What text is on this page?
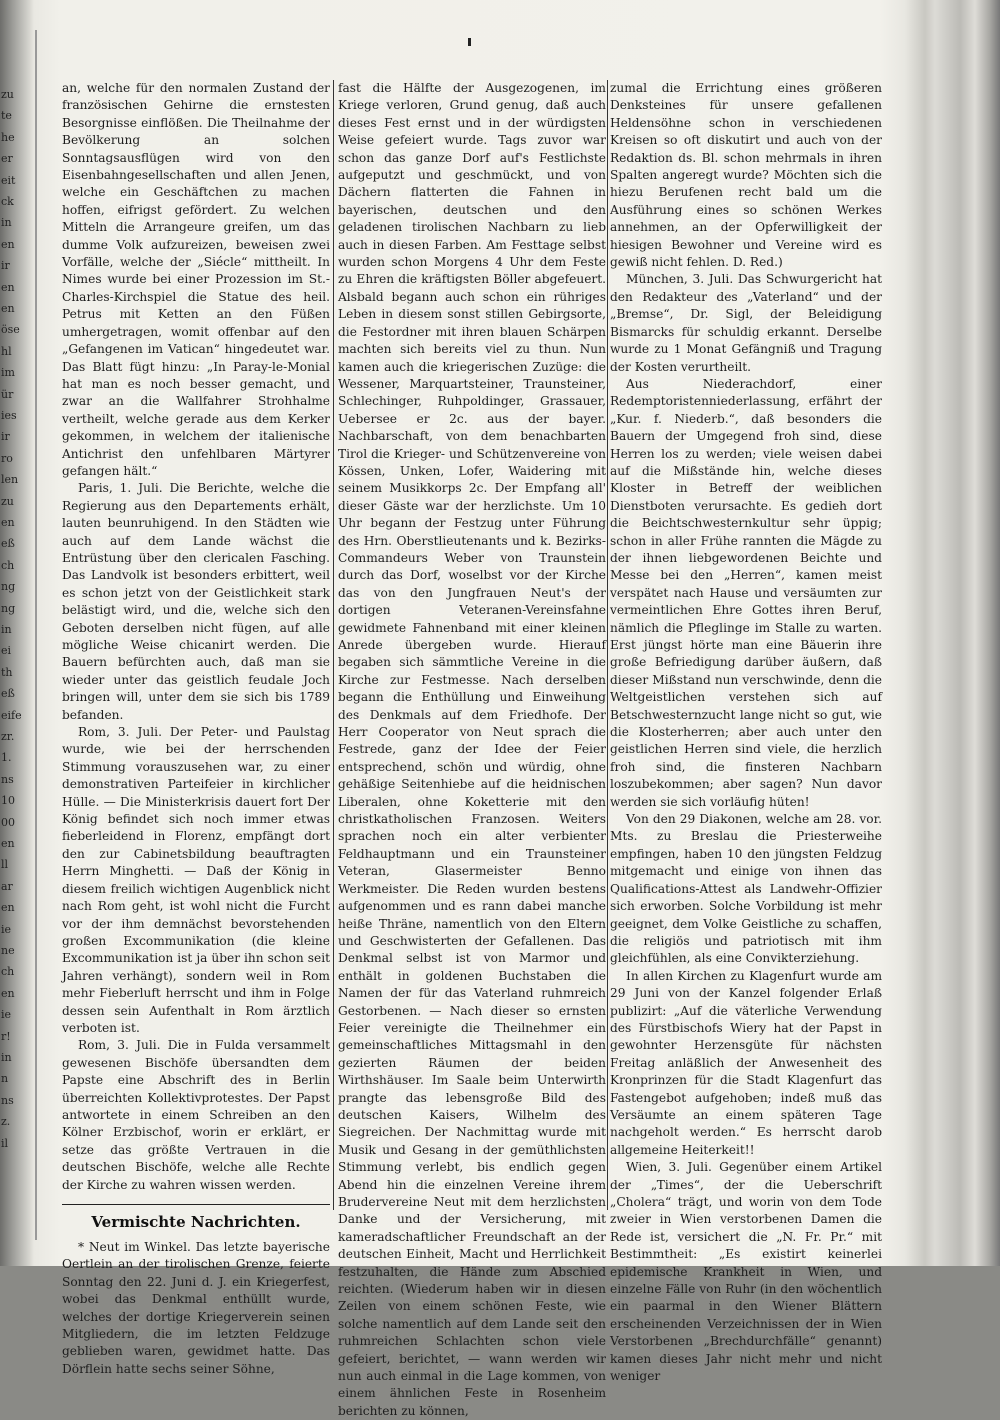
zu
te
he
er
eit
ck
in
en
ir
en
en
öse
hl
im
ür
ies
ir
ro
len
zu
en
eß
ch
ng
ng
in
ei
th
eß
eife
zr.
1.
ns
10
00
en
ll
ar
en
ie
ne
ch
en
ie
r!
in
n
ns
z.
il

an, welche für den normalen Zustand der französischen Gehirne die ernstesten Besorgnisse einflößen. Die Theilnahme der Bevölkerung an solchen Sonntagsausflügen wird von den Eisenbahngesellschaften und allen Jenen, welche ein Geschäftchen zu machen hoffen, eifrigst gefördert. Zu welchen Mitteln die Arrangeure greifen, um das dumme Volk aufzureizen, beweisen zwei Vorfälle, welche der „Siécle“ mittheilt. In Nimes wurde bei einer Prozession im St.-Charles-Kirchspiel die Statue des heil. Petrus mit Ketten an den Füßen umhergetragen, womit offenbar auf den „Gefangenen im Vatican“ hingedeutet war. Das Blatt fügt hinzu: „In Paray-le-Monial hat man es noch besser gemacht, und zwar an die Wallfahrer Strohhalme vertheilt, welche gerade aus dem Kerker gekommen, in welchem der italienische Antichrist den unfehlbaren Märtyrer gefangen hält.“

Paris, 1. Juli. Die Berichte, welche die Regierung aus den Departements erhält, lauten beunruhigend. In den Städten wie auch auf dem Lande wächst die Entrüstung über den clericalen Fasching. Das Landvolk ist besonders erbittert, weil es schon jetzt von der Geistlichkeit stark belästigt wird, und die, welche sich den Geboten derselben nicht fügen, auf alle mögliche Weise chicanirt werden. Die Bauern befürchten auch, daß man sie wieder unter das geistlich feudale Joch bringen will, unter dem sie sich bis 1789 befanden.

Rom, 3. Juli. Der Peter- und Paulstag wurde, wie bei der herrschenden Stimmung vorauszusehen war, zu einer demonstrativen Parteifeier in kirchlicher Hülle. — Die Ministerkrisis dauert fort Der König befindet sich noch immer etwas fieberleidend in Florenz, empfängt dort den zur Cabinetsbildung beauftragten Herrn Minghetti. — Daß der König in diesem freilich wichtigen Augenblick nicht nach Rom geht, ist wohl nicht die Furcht vor der ihm demnächst bevorstehenden großen Excommunikation (die kleine Excommunikation ist ja über ihn schon seit Jahren verhängt), sondern weil in Rom mehr Fieberluft herrscht und ihm in Folge dessen sein Aufenthalt in Rom ärztlich verboten ist.

Rom, 3. Juli. Die in Fulda versammelt gewesenen Bischöfe übersandten dem Papste eine Abschrift des in Berlin überreichten Kollektivprotestes. Der Papst antwortete in einem Schreiben an den Kölner Erzbischof, worin er erklärt, er setze das größte Vertrauen in die deutschen Bischöfe, welche alle Rechte der Kirche zu wahren wissen werden.

Vermischte Nachrichten.

* Neut im Winkel. Das letzte bayerische Oertlein an der tirolischen Grenze, feierte Sonntag den 22. Juni d. J. ein Kriegerfest, wobei das Denkmal enthüllt wurde, welches der dortige Kriegerverein seinen Mitgliedern, die im letzten Feldzuge geblieben waren, gewidmet hatte. Das Dörflein hatte sechs seiner Söhne,

fast die Hälfte der Ausgezogenen, im Kriege verloren, Grund genug, daß auch dieses Fest ernst und in der würdigsten Weise gefeiert wurde. Tags zuvor war schon das ganze Dorf auf's Festlichste aufgeputzt und geschmückt, und von Dächern flatterten die Fahnen in bayerischen, deutschen und den geladenen tirolischen Nachbarn zu lieb auch in diesen Farben. Am Festtage selbst wurden schon Morgens 4 Uhr dem Feste zu Ehren die kräftigsten Böller abgefeuert. Alsbald begann auch schon ein rühriges Leben in diesem sonst stillen Gebirgsorte, die Festordner mit ihren blauen Schärpen machten sich bereits viel zu thun. Nun kamen auch die kriegerischen Zuzüge: die Wessener, Marquartsteiner, Traunsteiner, Schlechinger, Ruhpoldinger, Grassauer, Uebersee er 2c. aus der bayer. Nachbarschaft, von dem benachbarten Tirol die Krieger- und Schützenvereine von Kössen, Unken, Lofer, Waidering mit seinem Musikkorps 2c. Der Empfang all' dieser Gäste war der herzlichste. Um 10 Uhr begann der Festzug unter Führung des Hrn. Oberstlieutenants und k. Bezirks-Commandeurs Weber von Traunstein durch das Dorf, woselbst vor der Kirche das von den Jungfrauen Neut's der dortigen Veteranen-Vereinsfahne gewidmete Fahnenband mit einer kleinen Anrede übergeben wurde. Hierauf begaben sich sämmtliche Vereine in die Kirche zur Festmesse. Nach derselben begann die Enthüllung und Einweihung des Denkmals auf dem Friedhofe. Der Herr Cooperator von Neut sprach die Festrede, ganz der Idee der Feier entsprechend, schön und würdig, ohne gehäßige Seitenhiebe auf die heidnischen Liberalen, ohne Koketterie mit den christkatholischen Franzosen. Weiters sprachen noch ein alter verbienter Feldhauptmann und ein Traunsteiner Veteran, Glasermeister Benno Werkmeister. Die Reden wurden bestens aufgenommen und es rann dabei manche heiße Thräne, namentlich von den Eltern und Geschwisterten der Gefallenen. Das Denkmal selbst ist von Marmor und enthält in goldenen Buchstaben die Namen der für das Vaterland ruhmreich Gestorbenen. — Nach dieser so ernsten Feier vereinigte die Theilnehmer ein gemeinschaftliches Mittagsmahl in den gezierten Räumen der beiden Wirthshäuser. Im Saale beim Unterwirth prangte das lebensgroße Bild des deutschen Kaisers, Wilhelm des Siegreichen. Der Nachmittag wurde mit Musik und Gesang in der gemüthlichsten Stimmung verlebt, bis endlich gegen Abend hin die einzelnen Vereine ihrem Brudervereine Neut mit dem herzlichsten Danke und der Versicherung, mit kameradschaftlicher Freundschaft an der deutschen Einheit, Macht und Herrlichkeit festzuhalten, die Hände zum Abschied reichten. (Wiederum haben wir in diesen Zeilen von einem schönen Feste, wie solche namentlich auf dem Lande seit den ruhmreichen Schlachten schon viele gefeiert, berichtet, — wann werden wir nun auch einmal in die Lage kommen, von einem ähnlichen Feste in Rosenheim berichten zu können,

zumal die Errichtung eines größeren Denksteines für unsere gefallenen Heldensöhne schon in verschiedenen Kreisen so oft diskutirt und auch von der Redaktion ds. Bl. schon mehrmals in ihren Spalten angeregt wurde? Möchten sich die hiezu Berufenen recht bald um die Ausführung eines so schönen Werkes annehmen, an der Opferwilligkeit der hiesigen Bewohner und Vereine wird es gewiß nicht fehlen. D. Red.)

München, 3. Juli. Das Schwurgericht hat den Redakteur des „Vaterland“ und der „Bremse“, Dr. Sigl, der Beleidigung Bismarcks für schuldig erkannt. Derselbe wurde zu 1 Monat Gefängniß und Tragung der Kosten verurtheilt.

Aus Niederachdorf, einer Redemptoristenniederlassung, erfährt der „Kur. f. Niederb.“, daß besonders die Bauern der Umgegend froh sind, diese Herren los zu werden; viele weisen dabei auf die Mißstände hin, welche dieses Kloster in Betreff der weiblichen Dienstboten verursachte. Es gedieh dort die Beichtschwesternkultur sehr üppig; schon in aller Frühe rannten die Mägde zu der ihnen liebgewordenen Beichte und Messe bei den „Herren“, kamen meist verspätet nach Hause und versäumten zur vermeintlichen Ehre Gottes ihren Beruf, nämlich die Pfleglinge im Stalle zu warten. Erst jüngst hörte man eine Bäuerin ihre große Befriedigung darüber äußern, daß dieser Mißstand nun verschwinde, denn die Weltgeistlichen verstehen sich auf Betschwesternzucht lange nicht so gut, wie die Klosterherren; aber auch unter den geistlichen Herren sind viele, die herzlich froh sind, die finsteren Nachbarn loszubekommen; aber sagen? Nun davor werden sie sich vorläufig hüten!

Von den 29 Diakonen, welche am 28. vor. Mts. zu Breslau die Priesterweihe empfingen, haben 10 den jüngsten Feldzug mitgemacht und einige von ihnen das Qualifications-Attest als Landwehr-Offizier sich erworben. Solche Vorbildung ist mehr geeignet, dem Volke Geistliche zu schaffen, die religiös und patriotisch mit ihm gleichfühlen, als eine Convikterziehung.

In allen Kirchen zu Klagenfurt wurde am 29 Juni von der Kanzel folgender Erlaß publizirt: „Auf die väterliche Verwendung des Fürstbischofs Wiery hat der Papst in gewohnter Herzensgüte für nächsten Freitag anläßlich der Anwesenheit des Kronprinzen für die Stadt Klagenfurt das Fastengebot aufgehoben; indeß muß das Versäumte an einem späteren Tage nachgeholt werden.“ Es herrscht darob allgemeine Heiterkeit!!

Wien, 3. Juli. Gegenüber einem Artikel der „Times“, der die Ueberschrift „Cholera“ trägt, und worin von dem Tode zweier in Wien verstorbenen Damen die Rede ist, versichert die „N. Fr. Pr.“ mit Bestimmtheit: „Es existirt keinerlei epidemische Krankheit in Wien, und einzelne Fälle von Ruhr (in den wöchentlich ein paarmal in den Wiener Blättern erscheinenden Verzeichnissen der in Wien Verstorbenen „Brechdurchfälle“ genannt) kamen dieses Jahr nicht mehr und nicht weniger
